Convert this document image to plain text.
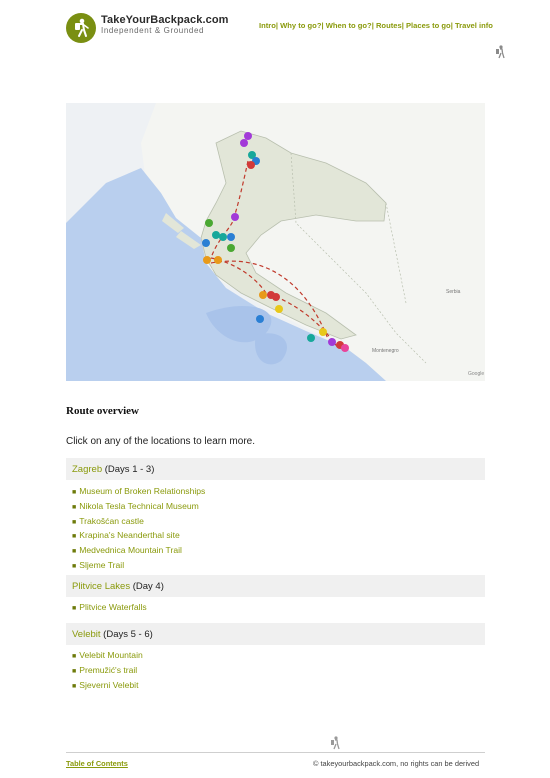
TakeYourBackpack.com
Independent & Grounded
Intro| Why to go?| When to go?| Routes| Places to go| Travel info
Montenegro
Serbia
Google
Route overview
Click on any of the locations to learn more.
Zagreb (Days 1 - 3)
■ Museum of Broken Relationships
■ Nikola Tesla Technical Museum
■ Trakošćan castle
■ Krapina's Neanderthal site
■ Medvednica Mountain Trail
■ Sljeme Trail
Plitvice Lakes (Day 4)
■ Plitvice Waterfalls
Velebit (Days 5 - 6)
■ Velebit Mountain
■ Premužić's trail
■ Sjeverni Velebit
Table of Contents	© takeyourbackpack.com, no rights can be derived
